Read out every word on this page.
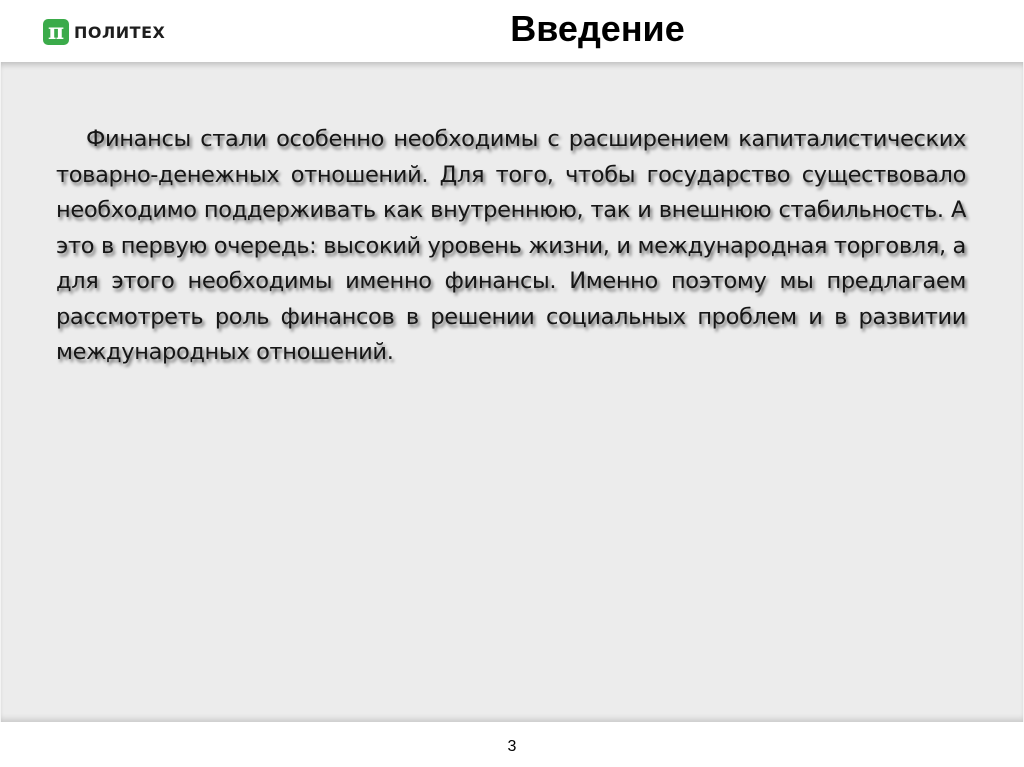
π ПОЛИТЕХ	Введение

Финансы стали особенно необходимы с расширением капиталистических товарно-денежных отношений. Для того, чтобы государство существовало необходимо поддерживать как внутреннюю, так и внешнюю стабильность. А это в первую очередь: высокий уровень жизни, и международная торговля, а для этого необходимы именно финансы. Именно поэтому мы предлагаем рассмотреть роль финансов в решении социальных проблем и в развитии международных отношений.

3
